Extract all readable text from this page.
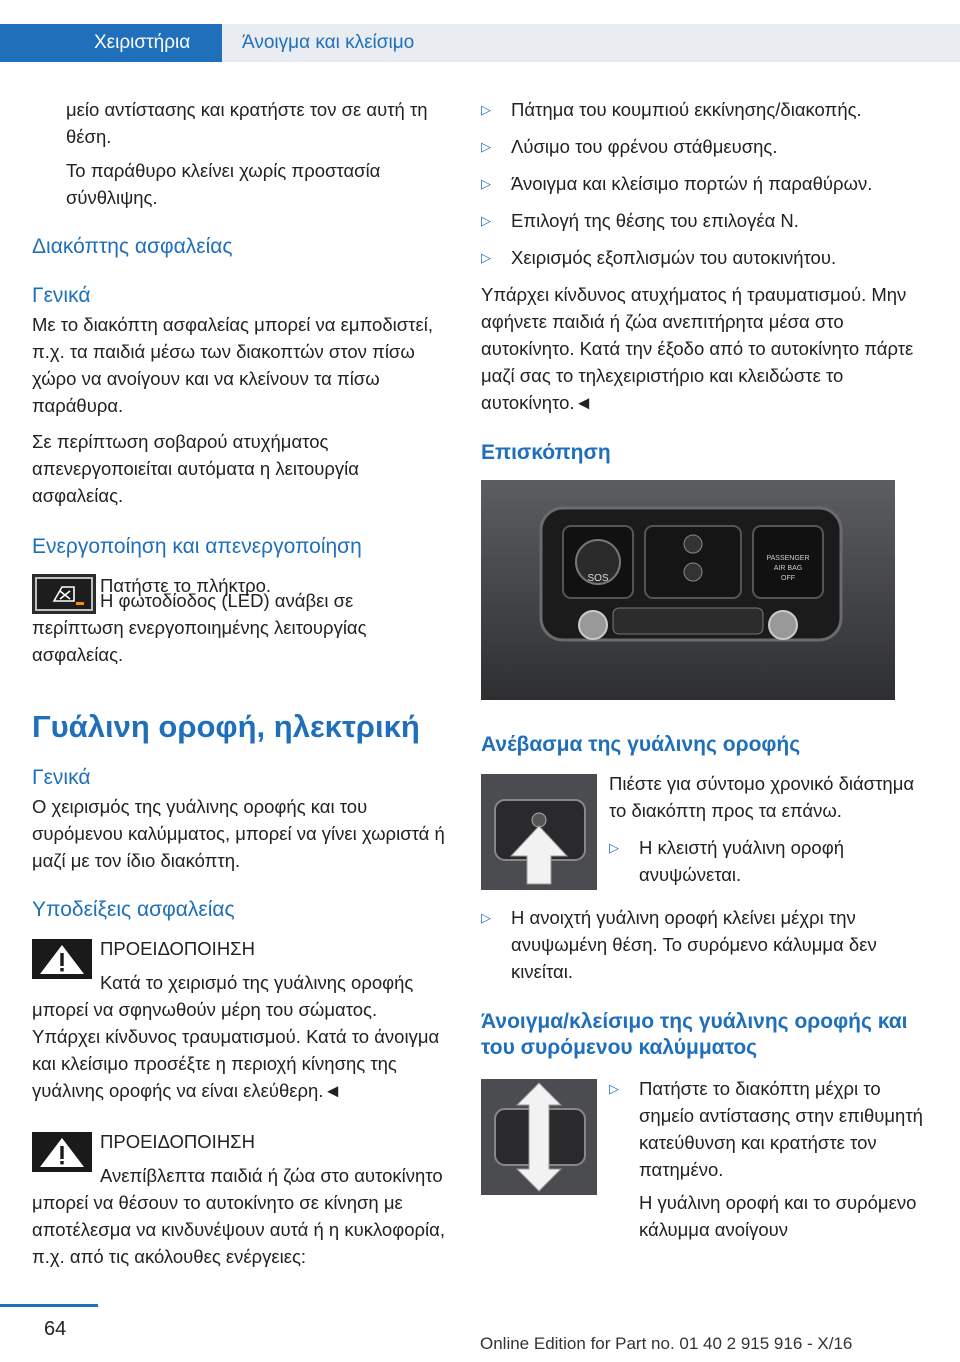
Χειριστήρια	Άνοιγμα και κλείσιμο

μείο αντίστασης και κρατήστε τον σε αυτή τη θέση.

Το παράθυρο κλείνει χωρίς προστασία σύνθλιψης.

Διακόπτης ασφαλείας
Γενικά

Με το διακόπτη ασφαλείας μπορεί να εμποδιστεί, π.χ. τα παιδιά μέσω των διακοπτών στον πίσω χώρο να ανοίγουν και να κλείνουν τα πίσω παράθυρα.

Σε περίπτωση σοβαρού ατυχήματος απενεργοποιείται αυτόματα η λειτουργία ασφαλείας.

Ενεργοποίηση και απενεργοποίηση

Πατήστε το πλήκτρο.

Η φωτοδίοδος (LED) ανάβει σε περίπτωση ενεργοποιημένης λειτουργίας ασφαλείας.

Γυάλινη οροφή, ηλεκτρική
Γενικά

Ο χειρισμός της γυάλινης οροφής και του συρόμενου καλύμματος, μπορεί να γίνει χωριστά ή μαζί με τον ίδιο διακόπτη.

Υποδείξεις ασφαλείας

ΠΡΟΕΙΔΟΠΟΙΗΣΗ

Κατά το χειρισμό της γυάλινης οροφής μπορεί να σφηνωθούν μέρη του σώματος. Υπάρχει κίνδυνος τραυματισμού. Κατά το άνοιγμα και κλείσιμο προσέξτε η περιοχή κίνησης της γυάλινης οροφής να είναι ελεύθερη.◄

ΠΡΟΕΙΔΟΠΟΙΗΣΗ

Ανεπίβλεπτα παιδιά ή ζώα στο αυτοκίνητο μπορεί να θέσουν το αυτοκίνητο σε κίνηση με αποτέλεσμα να κινδυνέψουν αυτά ή η κυκλοφορία, π.χ. από τις ακόλουθες ενέργειες:

▷ Πάτημα του κουμπιού εκκίνησης/διακοπής.
▷ Λύσιμο του φρένου στάθμευσης.
▷ Άνοιγμα και κλείσιμο πορτών ή παραθύρων.
▷ Επιλογή της θέσης του επιλογέα N.
▷ Χειρισμός εξοπλισμών του αυτοκινήτου.

Υπάρχει κίνδυνος ατυχήματος ή τραυματισμού. Μην αφήνετε παιδιά ή ζώα ανεπιτήρητα μέσα στο αυτοκίνητο. Κατά την έξοδο από το αυτοκίνητο πάρτε μαζί σας το τηλεχειριστήριο και κλειδώστε το αυτοκίνητο.◄

Επισκόπηση
SOS
PASSENGER
AIR BAG
OFF
Ανέβασμα της γυάλινης οροφής

Πιέστε για σύντομο χρονικό διάστημα το διακόπτη προς τα επάνω.

▷ Η κλειστή γυάλινη οροφή ανυψώνεται.
▷ Η ανοιχτή γυάλινη οροφή κλείνει μέχρι την ανυψωμένη θέση. Το συρόμενο κάλυμμα δεν κινείται.
Άνοιγμα/κλείσιμο της γυάλινης οροφής και του συρόμενου καλύμματος
▷ Πατήστε το διακόπτη μέχρι το σημείο αντίστασης στην επιθυμητή κατεύθυνση και κρατήστε τον πατημένο.

Η γυάλινη οροφή και το συρόμενο κάλυμμα ανοίγουν

64
Online Edition for Part no. 01 40 2 915 916 - X/16
